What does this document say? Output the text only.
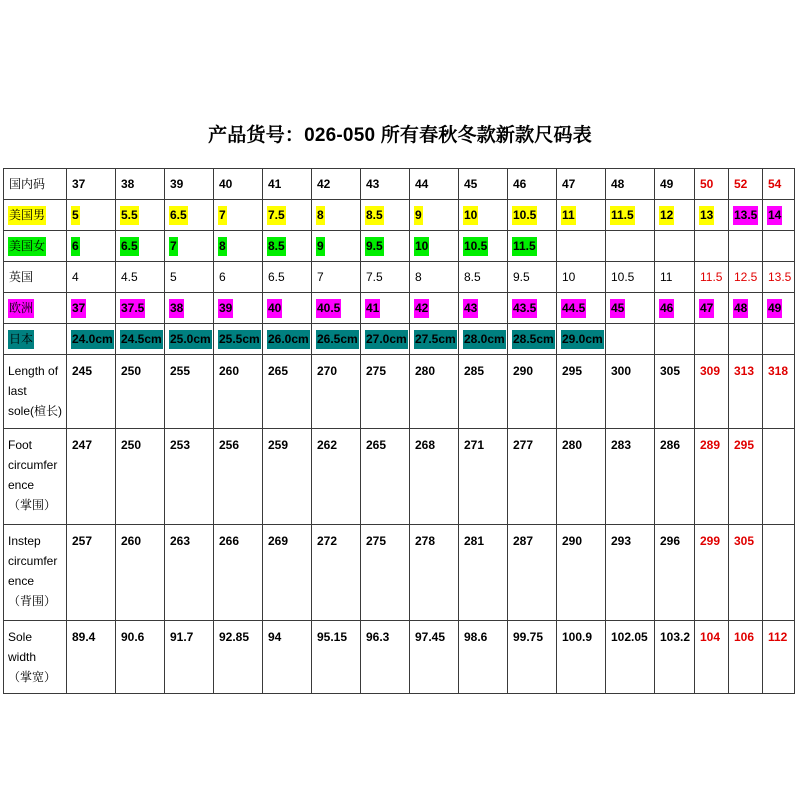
产品货号：026-050 所有春秋冬款新款尺码表
国内码	37	38	39	40	41	42	43	44	45	46	47	48	49	50	52	54
美国男	5	5.5	6.5	7	7.5	8	8.5	9	10	10.5	11	11.5	12	13	13.5	14
美国女	6	6.5	7	8	8.5	9	9.5	10	10.5	11.5						
英国	4	4.5	5	6	6.5	7	7.5	8	8.5	9.5	10	10.5	11	11.5	12.5	13.5
欧洲	37	37.5	38	39	40	40.5	41	42	43	43.5	44.5	45	46	47	48	49
日本	24.0cm	24.5cm	25.0cm	25.5cm	26.0cm	26.5cm	27.0cm	27.5cm	28.0cm	28.5cm	29.0cm					

Length of
last
sole(楦长)	245	250	255	260	265	270	275	280	285	290	295	300	305	309	313	318

Foot
circumfer
ence
（掌围）	247	250	253	256	259	262	265	268	271	277	280	283	286	289	295	

Instep
circumfer
ence
（背围）	257	260	263	266	269	272	275	278	281	287	290	293	296	299	305	

Sole
width
（掌宽）	89.4	90.6	91.7	92.85	94	95.15	96.3	97.45	98.6	99.75	100.9	102.05	103.2	104	106	112
